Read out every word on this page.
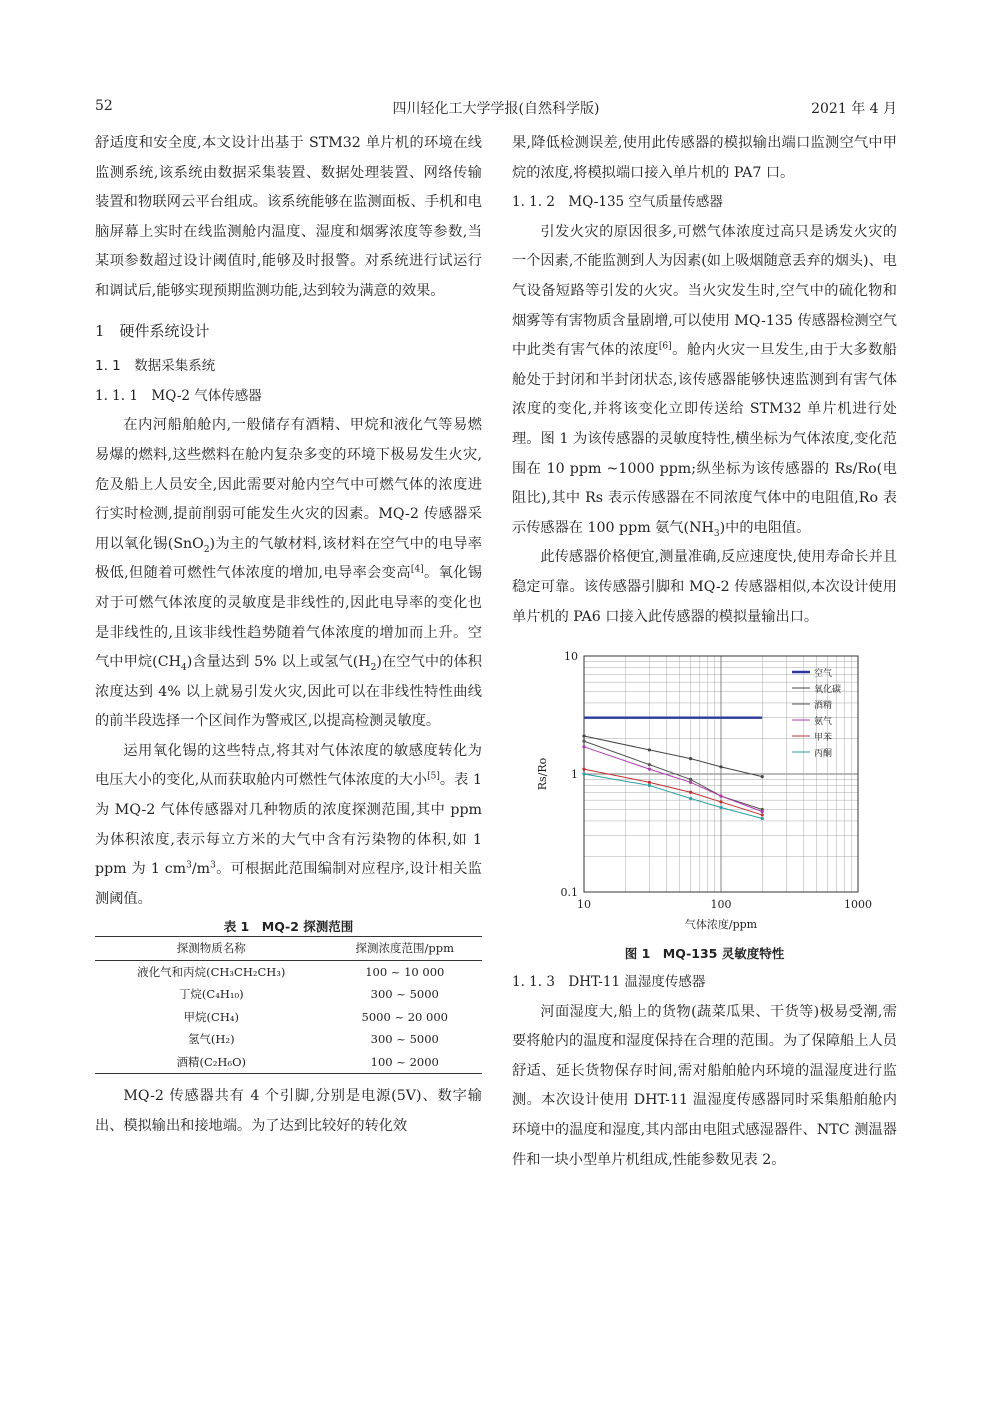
52	四川轻化工大学学报(自然科学版)	2021 年 4 月

舒适度和安全度,本文设计出基于 STM32 单片机的环境在线监测系统,该系统由数据采集装置、数据处理装置、网络传输装置和物联网云平台组成。该系统能够在监测面板、手机和电脑屏幕上实时在线监测舱内温度、湿度和烟雾浓度等参数,当某项参数超过设计阈值时,能够及时报警。对系统进行试运行和调试后,能够实现预期监测功能,达到较为满意的效果。

1　硬件系统设计

1. 1　数据采集系统

1. 1. 1　MQ-2 气体传感器

在内河船舶舱内,一般储存有酒精、甲烷和液化气等易燃易爆的燃料,这些燃料在舱内复杂多变的环境下极易发生火灾,危及船上人员安全,因此需要对舱内空气中可燃气体的浓度进行实时检测,提前削弱可能发生火灾的因素。MQ-2 传感器采用以氧化锡(SnO$_2$)为主的气敏材料,该材料在空气中的电导率极低,但随着可燃性气体浓度的增加,电导率会变高[4]。氧化锡对于可燃气体浓度的灵敏度是非线性的,因此电导率的变化也是非线性的,且该非线性趋势随着气体浓度的增加而上升。空气中甲烷$(CH_4)$含量达到 5% 以上或氢气$(H_2)$在空气中的体积浓度达到 4% 以上就易引发火灾,因此可以在非线性特性曲线的前半段选择一个区间作为警戒区,以提高检测灵敏度。

运用氧化锡的这些特点,将其对气体浓度的敏感度转化为电压大小的变化,从而获取舱内可燃性气体浓度的大小[5]。表 1 为 MQ-2 气体传感器对几种物质的浓度探测范围,其中 ppm 为体积浓度,表示每立方米的大气中含有污染物的体积,如 1 ppm 为 1 $cm^3/m^3$。可根据此范围编制对应程序,设计相关监测阈值。

表 1　MQ-2 探测范围
探测物质名称	探测浓度范围/ppm
液化气和丙烷(CH₃CH₂CH₃)	100 ~ 10 000
丁烷(C₄H₁₀)	300 ~ 5000
甲烷(CH₄)	5000 ~ 20 000
氢气(H₂)	300 ~ 5000
酒精(C₂H₆O)	100 ~ 2000

MQ-2 传感器共有 4 个引脚,分别是电源(5V)、数字输出、模拟输出和接地端。为了达到比较好的转化效

果,降低检测误差,使用此传感器的模拟输出端口监测空气中甲烷的浓度,将模拟端口接入单片机的 PA7 口。

1. 1. 2　MQ-135 空气质量传感器

引发火灾的原因很多,可燃气体浓度过高只是诱发火灾的一个因素,不能监测到人为因素(如上吸烟随意丢弃的烟头)、电气设备短路等引发的火灾。当火灾发生时,空气中的硫化物和烟雾等有害物质含量剧增,可以使用 MQ-135 传感器检测空气中此类有害气体的浓度[6]。舱内火灾一旦发生,由于大多数船舱处于封闭和半封闭状态,该传感器能够快速监测到有害气体浓度的变化,并将该变化立即传送给 STM32 单片机进行处理。图 1 为该传感器的灵敏度特性,横坐标为气体浓度,变化范围在 10 ppm ~1000 ppm;纵坐标为该传感器的 Rs/Ro(电阻比),其中 Rs 表示传感器在不同浓度气体中的电阻值,Ro 表示传感器在 100 ppm 氨气$(NH_3)$中的电阻值。

此传感器价格便宜,测量准确,反应速度快,使用寿命长并且稳定可靠。该传感器引脚和 MQ-2 传感器相似,本次设计使用单片机的 PA6 口接入此传感器的模拟量输出口。

10	100	1000
10
1
0.1
气体浓度/ppm
Rs/Ro
空气
氧化碳
酒精
氨气
甲苯
丙酮
图 1　MQ-135 灵敏度特性

1. 1. 3　DHT-11 温湿度传感器

河面湿度大,船上的货物(蔬菜瓜果、干货等)极易受潮,需要将舱内的温度和湿度保持在合理的范围。为了保障船上人员舒适、延长货物保存时间,需对船舶舱内环境的温湿度进行监测。本次设计使用 DHT-11 温湿度传感器同时采集船舶舱内环境中的温度和湿度,其内部由电阻式感湿器件、NTC 测温器件和一块小型单片机组成,性能参数见表 2。
